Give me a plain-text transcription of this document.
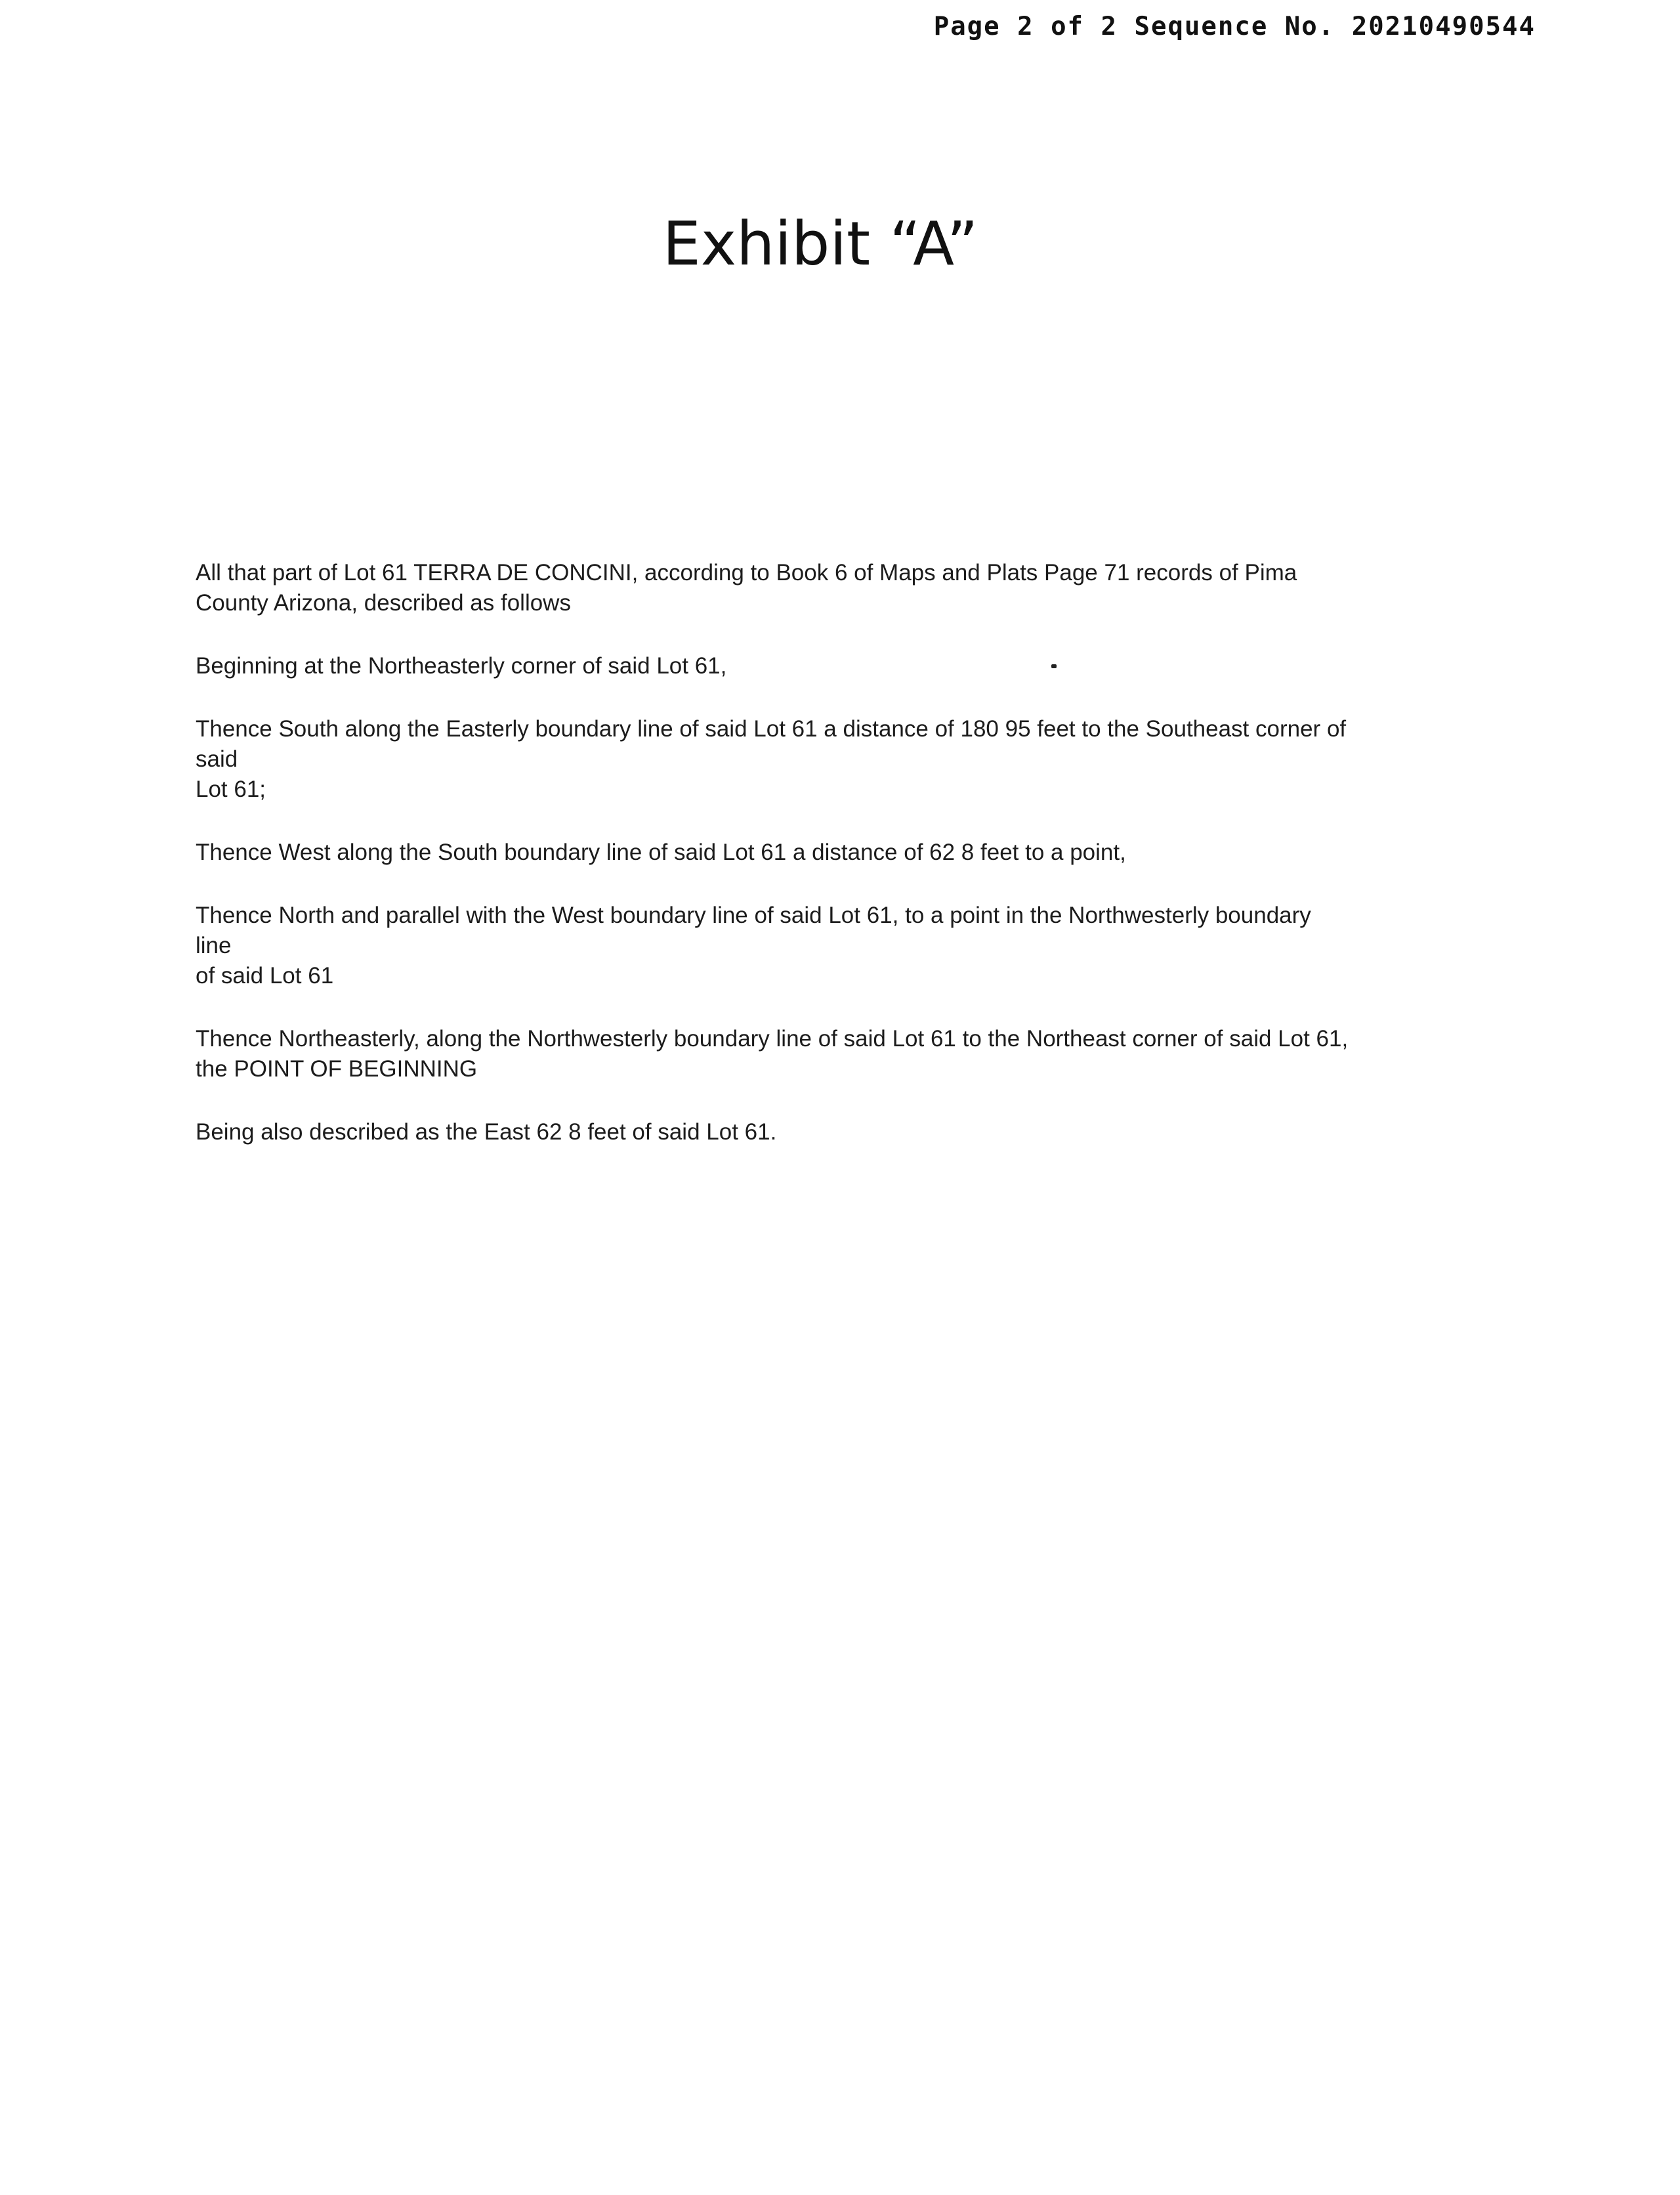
Page 2 of 2 Sequence No. 20210490544
Exhibit “A”
All that part of Lot 61 TERRA DE CONCINI, according to Book 6 of Maps and Plats Page 71 records of Pima
County Arizona, described as follows
Beginning at the Northeasterly corner of said Lot 61,
Thence South along the Easterly boundary line of said Lot 61 a distance of 180 95 feet to the Southeast corner of
said
Lot 61;
Thence West along the South boundary line of said Lot 61 a distance of 62 8 feet to a point,
Thence North and parallel with the West boundary line of said Lot 61, to a point in the Northwesterly boundary
line
of said Lot 61
Thence Northeasterly, along the Northwesterly boundary line of said Lot 61 to the Northeast corner of said Lot 61,
the POINT OF BEGINNING
Being also described as the East 62 8 feet of said Lot 61.
